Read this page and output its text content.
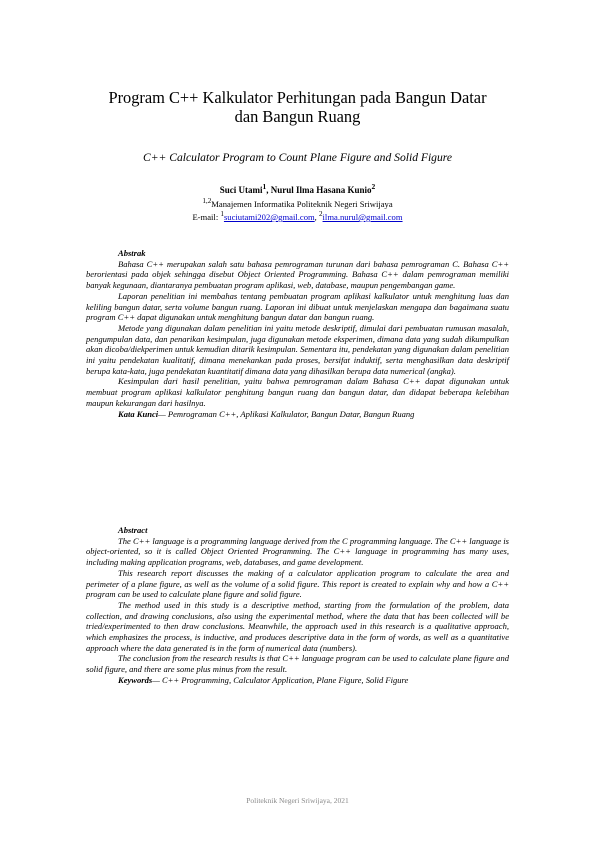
Program C++ Kalkulator Perhitungan pada Bangun Datar
dan Bangun Ruang
C++ Calculator Program to Count Plane Figure and Solid Figure
Suci Utami$^1$, Nurul Ilma Hasana Kunio$^2$
$^{1,2}$Manajemen Informatika Politeknik Negeri Sriwijaya
E-mail: $^1$suciutami202@gmail.com, $^2$ilma.nurul@gmail.com

Abstrak

Bahasa C++ merupakan salah satu bahasa pemrograman turunan dari bahasa pemrograman C. Bahasa C++ berorientasi pada objek sehingga disebut Object Oriented Programming. Bahasa C++ dalam pemrograman memiliki banyak kegunaan, diantaranya pembuatan program aplikasi, web, database, maupun pengembangan game.

Laporan penelitian ini membahas tentang pembuatan program aplikasi kalkulator untuk menghitung luas dan keliling bangun datar, serta volume bangun ruang. Laporan ini dibuat untuk menjelaskan mengapa dan bagaimana suatu program C++ dapat digunakan untuk menghitung bangun datar dan bangun ruang.

Metode yang digunakan dalam penelitian ini yaitu metode deskriptif, dimulai dari pembuatan rumusan masalah, pengumpulan data, dan penarikan kesimpulan, juga digunakan metode eksperimen, dimana data yang sudah dikumpulkan akan dicoba/diekperimen untuk kemudian ditarik kesimpulan. Sementara itu, pendekatan yang digunakan dalam penelitian ini yaitu pendekatan kualitatif, dimana menekankan pada proses, bersifat induktif, serta menghasilkan data deskriptif berupa kata-kata, juga pendekatan kuantitatif dimana data yang dihasilkan berupa data numerical (angka).

Kesimpulan dari hasil penelitian, yaitu bahwa pemrograman dalam Bahasa C++ dapat digunakan untuk membuat program aplikasi kalkulator penghitung bangun ruang dan bangun datar, dan didapat beberapa kelebihan maupun kekurangan dari hasilnya.

Kata Kunci— Pemrograman C++, Aplikasi Kalkulator, Bangun Datar, Bangun Ruang

Abstract

The C++ language is a programming language derived from the C programming language. The C++ language is object-oriented, so it is called Object Oriented Programming. The C++ language in programming has many uses, including making application programs, web, databases, and game development.

This research report discusses the making of a calculator application program to calculate the area and perimeter of a plane figure, as well as the volume of a solid figure. This report is created to explain why and how a C++ program can be used to calculate plane figure and solid figure.

The method used in this study is a descriptive method, starting from the formulation of the problem, data collection, and drawing conclusions, also using the experimental method, where the data that has been collected will be tried/experimented to then draw conclusions. Meanwhile, the approach used in this research is a qualitative approach, which emphasizes the process, is inductive, and produces descriptive data in the form of words, as well as a quantitative approach where the data generated is in the form of numerical data (numbers).

The conclusion from the research results is that C++ language program can be used to calculate plane figure and solid figure, and there are some plus minus from the result.

Keywords— C++ Programming, Calculator Application, Plane Figure, Solid Figure

Politeknik Negeri Sriwijaya, 2021
